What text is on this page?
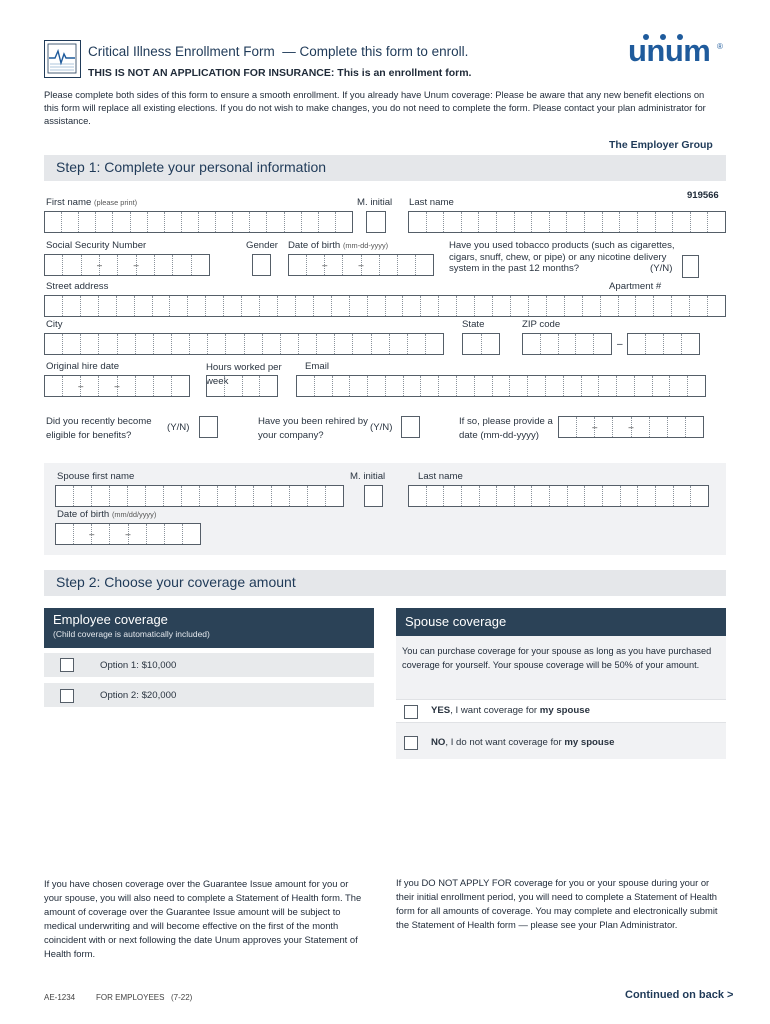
Critical Illness Enrollment Form  — Complete this form to enroll.
THIS IS NOT AN APPLICATION FOR INSURANCE: This is an enrollment form.
unum ®
Please complete both sides of this form to ensure a smooth enrollment. If you already have Unum coverage: Please be aware that any new benefit elections on this form will replace all existing elections. If you do not wish to make changes, you do not need to complete the form. Please contact your plan administrator for assistance.
The Employer Group
Step 1: Complete your personal information
919566
First name (please print)	M. initial Last name
Social Security Number	Gender Date of birth (mm-dd-yyyy)	Have you used tobacco products (such as cigarettes, cigars, snuff, chew, or pipe) or any nicotine delivery system in the past 12 months?	(Y/N)
–
–
–
–
Street address	Apartment #
City	State	ZIP code
–
Original hire date	Hours worked per week
Email
–
–
Did you recently become eligible for benefits?
(Y/N)
Have you been rehired by your company?
(Y/N)
If so, please provide a date (mm-dd-yyyy)
–
–
Spouse first name	M. initial	Last name
Date of birth (mm/dd/yyyy)
–
–
Step 2: Choose your coverage amount
Employee coverage
(Child coverage is automatically included)
Option 1: $10,000
Option 2: $20,000
Spouse coverage
You can purchase coverage for your spouse as long as you have purchased coverage for yourself. Your spouse coverage will be 50% of your amount.
YES, I want coverage for my spouse
NO, I do not want coverage for my spouse
If you have chosen coverage over the Guarantee Issue amount for you or your spouse, you will also need to complete a Statement of Health form. The amount of coverage over the Guarantee Issue amount will be subject to medical underwriting and will become effective on the first of the month coincident with or next following the date Unum approves your Statement of Health form.
If you DO NOT APPLY FOR coverage for you or your spouse during your or their initial enrollment period, you will need to complete a Statement of Health form for all amounts of coverage. You may complete and electronically submit the Statement of Health form — please see your Plan Administrator.
AE-1234	FOR EMPLOYEES (7-22)	Continued on back >
